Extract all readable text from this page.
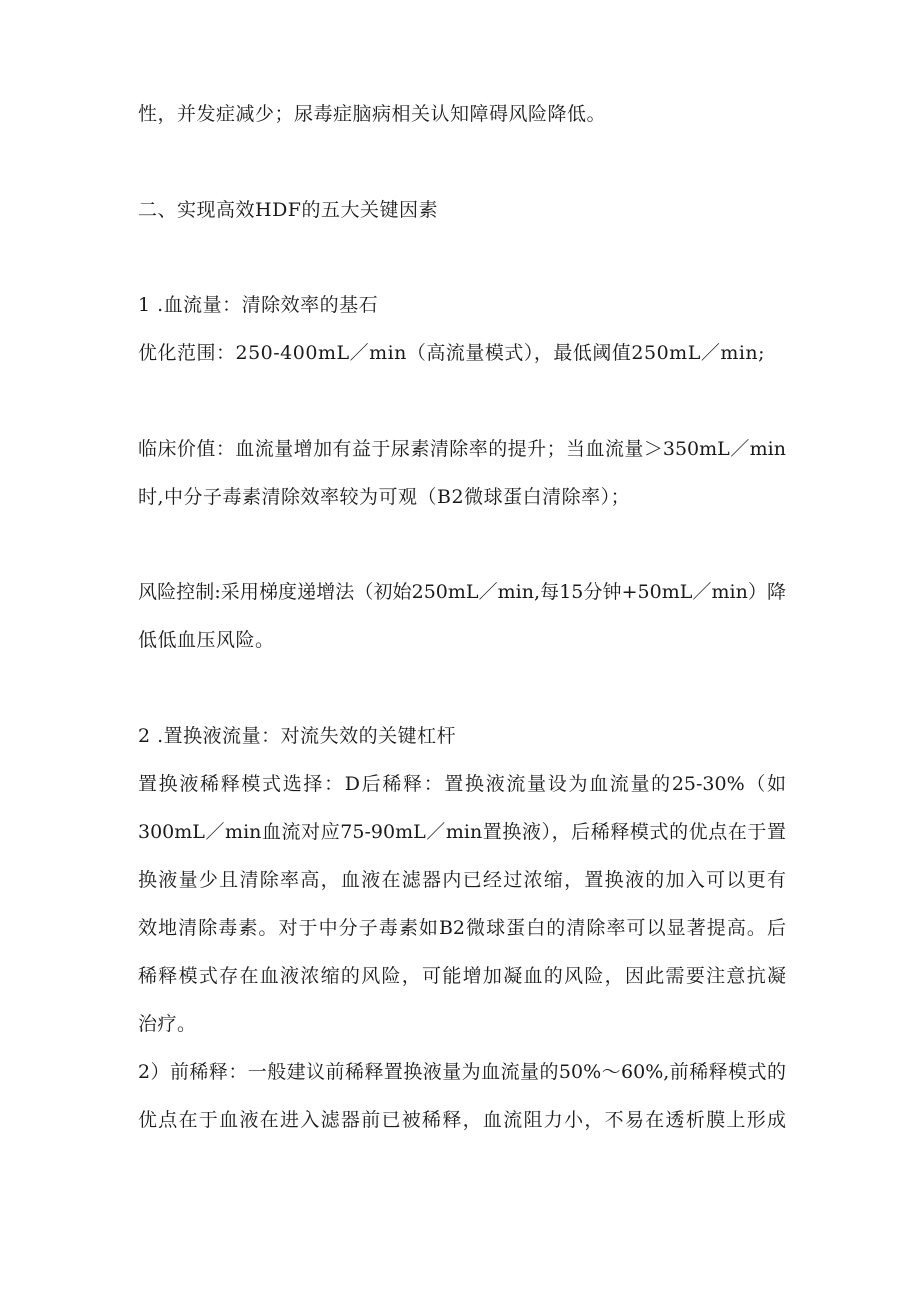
性，并发症减少；尿毒症脑病相关认知障碍风险降低。
二、实现高效HDF的五大关键因素
1 .血流量：清除效率的基石
优化范围：250-400mL／min（高流量模式），最低阈值250mL／min;
临床价值：血流量增加有益于尿素清除率的提升；当血流量＞350mL／min
时,中分子毒素清除效率较为可观（B2微球蛋白清除率）；
风险控制:采用梯度递增法（初始250mL／min,每15分钟+50mL／min）降
低低血压风险。
2 .置换液流量：对流失效的关键杠杆
置换液稀释模式选择：D后稀释：置换液流量设为血流量的25-30%（如
300mL／min血流对应75-90mL／min置换液），后稀释模式的优点在于置
换液量少且清除率高，血液在滤器内已经过浓缩，置换液的加入可以更有
效地清除毒素。对于中分子毒素如B2微球蛋白的清除率可以显著提高。后
稀释模式存在血液浓缩的风险，可能增加凝血的风险，因此需要注意抗凝
治疗。
2）前稀释：一般建议前稀释置换液量为血流量的50%～60%,前稀释模式的
优点在于血液在进入滤器前已被稀释，血流阻力小，不易在透析膜上形成
